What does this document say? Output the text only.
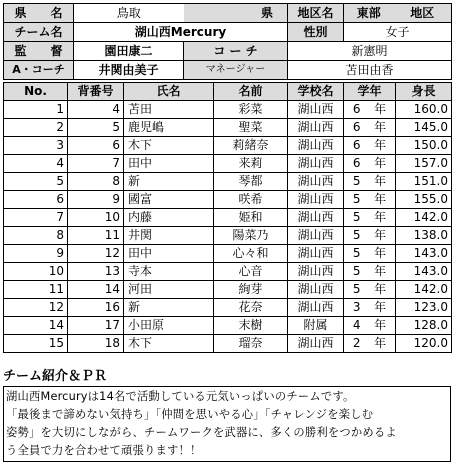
県　　名	鳥取	県	地区名	東部	地区
チーム名	湖山西Mercury		性別	女子	
監　　督	園田康二	コ ー チ	新憲明		
A・コーチ	井関由美子	マネージャー	苫田由香		
No.	背番号	氏名	名前	学校名	学年	身長
1	4	苫田	彩菜	湖山西	6 年	160.0
2	5	鹿児嶋	聖菜	湖山西	6 年	145.0
3	6	木下	莉緒奈	湖山西	6 年	150.0
4	7	田中	来莉	湖山西	6 年	157.0
5	8	新	琴都	湖山西	5 年	151.0
6	9	國富	咲希	湖山西	5 年	155.0
7	10	内藤	姫和	湖山西	5 年	142.0
8	11	井関	陽菜乃	湖山西	5 年	138.0
9	12	田中	心々和	湖山西	5 年	143.0
10	13	寺本	心音	湖山西	5 年	143.0
11	14	河田	絢芽	湖山西	5 年	142.0
12	16	新	花奈	湖山西	3 年	123.0
14	17	小田原	末樹	附属	4 年	128.0
15	18	木下	瑠奈	湖山西	2 年	120.0
チーム紹介＆ＰＲ
湖山西Mercuryは14名で活動している元気いっぱいのチームです。
「最後まで諦めない気持ち」「仲間を思いやる心」「チャレンジを楽しむ
姿勢」を大切にしながら、チームワークを武器に、多くの勝利をつかめるよ
う全員で力を合わせて頑張ります！！
